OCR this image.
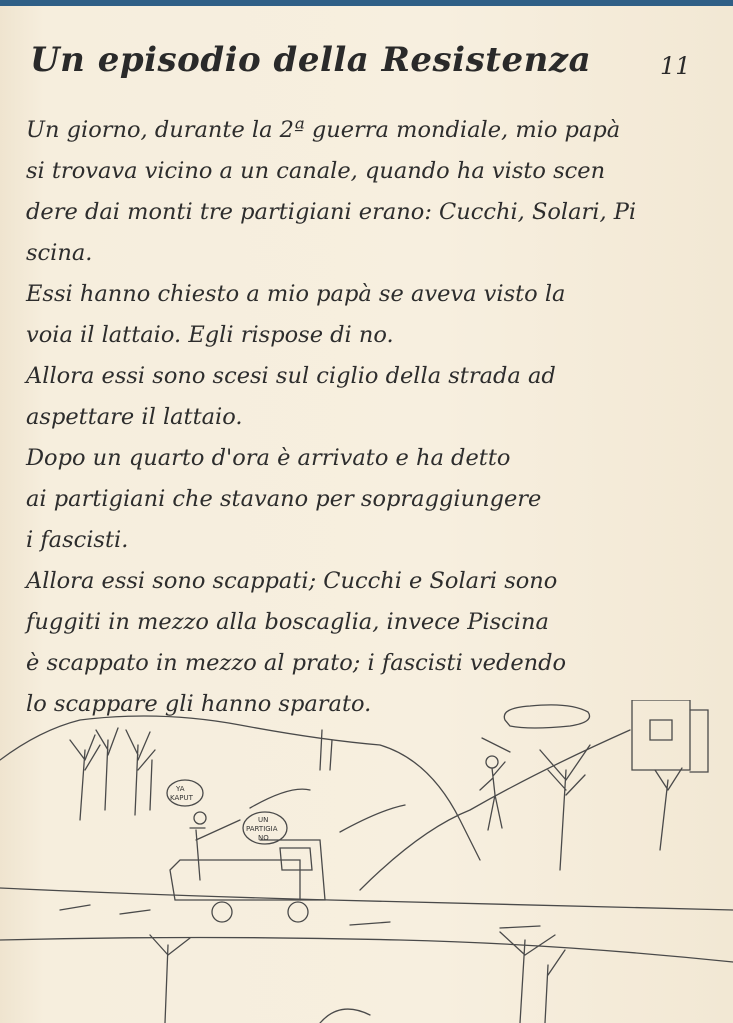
Un episodio della Resistenza	11
Un giorno, durante la 2ª guerra mondiale, mio papà
si trovava vicino a un canale, quando ha visto scen
dere dai monti tre partigiani erano: Cucchi, Solari, Pi
scina.
Essi hanno chiesto a mio papà se aveva visto la
voia il lattaio. Egli rispose di no.
Allora essi sono scesi sul ciglio della strada ad
aspettare il lattaio.
Dopo un quarto d'ora è arrivato e ha detto
ai partigiani che stavano per sopraggiungere
i fascisti.
Allora essi sono scappati; Cucchi e Solari sono
fuggiti in mezzo alla boscaglia, invece Piscina
è scappato in mezzo al prato; i fascisti vedendo
lo scappare gli hanno sparato.
YA
KAPUT
UN
PARTIGIA
NO
